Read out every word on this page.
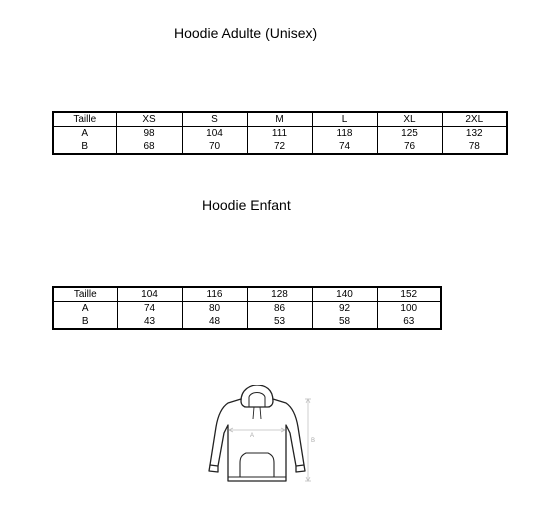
Hoodie Adulte (Unisex)
Taille	XS	S	M	L	XL	2XL
A	98	104	111	118	125	132
B	68	70	72	74	76	78
Hoodie Enfant
Taille	104	116	128	140	152
A	74	80	86	92	100
B	43	48	53	58	63
A
B
